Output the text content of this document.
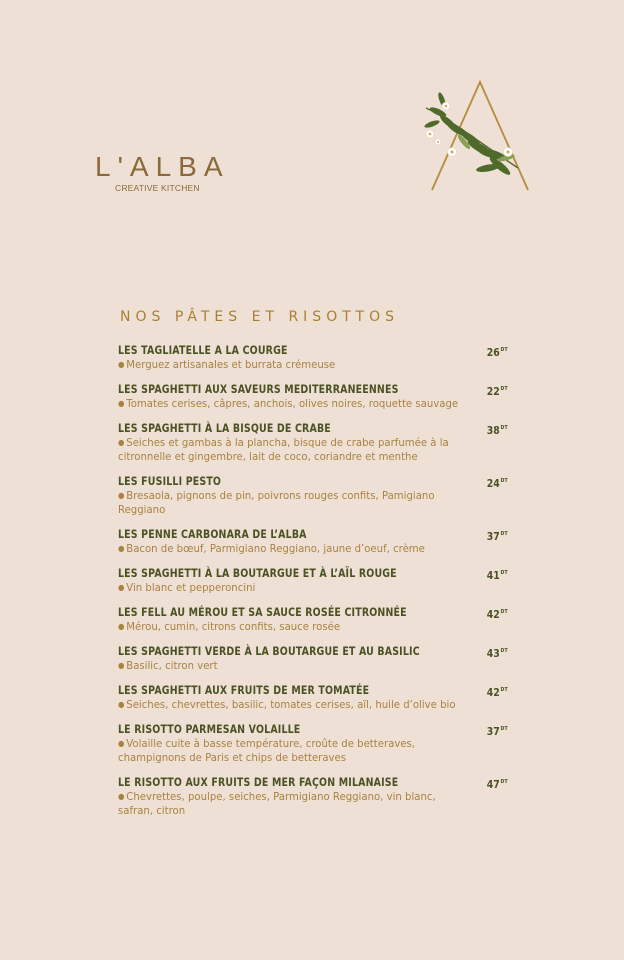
L'ALBA
CREATIVE KITCHEN
NOS PÂTES ET RISOTTOS
LES TAGLIATELLE A LA COURGE	$26^{DT}$
● Merguez artisanales et burrata crémeuse
LES SPAGHETTI AUX SAVEURS MEDITERRANEENNES	$22^{DT}$
● Tomates cerises, câpres, anchois, olives noires, roquette sauvage
LES SPAGHETTI À LA BISQUE DE CRABE	$38^{DT}$
● Seiches et gambas à la plancha, bisque de crabe parfumée à la citronnelle et gingembre, lait de coco, coriandre et menthe
LES FUSILLI PESTO	$24^{DT}$
● Bresaola, pignons de pin, poivrons rouges confits, Pamigiano Reggiano
LES PENNE CARBONARA DE L’ALBA	$37^{DT}$
● Bacon de bœuf, Parmigiano Reggiano, jaune d’oeuf, crème
LES SPAGHETTI À LA BOUTARGUE ET À L’AÏL ROUGE	$41^{DT}$
● Vin blanc et pepperoncini
LES FELL AU MÉROU ET SA SAUCE ROSÉE CITRONNÉE	$42^{DT}$
● Mérou, cumin, citrons confits, sauce rosée
LES SPAGHETTI VERDE À LA BOUTARGUE ET AU BASILIC	$43^{DT}$
● Basilic, citron vert
LES SPAGHETTI AUX FRUITS DE MER TOMATÉE	$42^{DT}$
● Seiches, chevrettes, basilic, tomates cerises, aïl, huile d’olive bio
LE RISOTTO PARMESAN VOLAILLE	$37^{DT}$
● Volaille cuite à basse température, croûte de betteraves, champignons de Paris et chips de betteraves
LE RISOTTO AUX FRUITS DE MER FAÇON MILANAISE	$47^{DT}$
● Chevrettes, poulpe, seiches, Parmigiano Reggiano, vin blanc, safran, citron
